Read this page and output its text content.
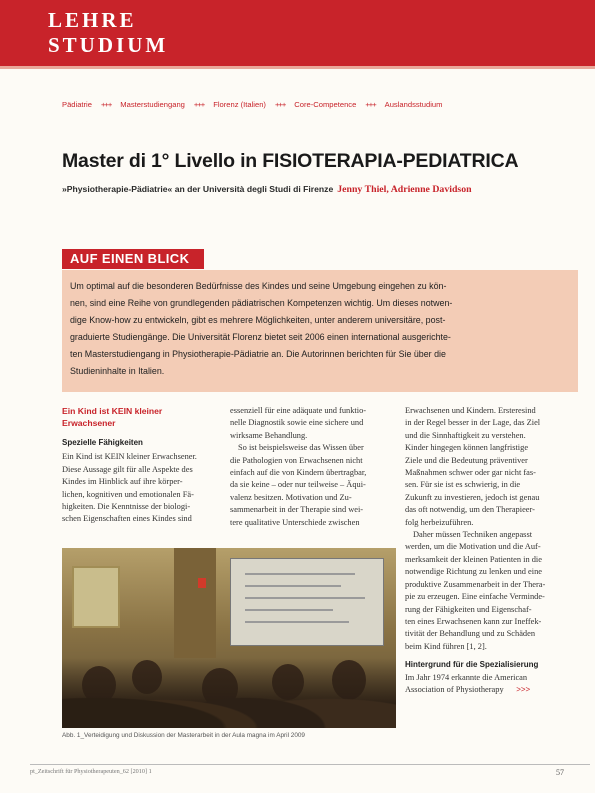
LEHRE
STUDIUM
Pädiatrie +++ Masterstudiengang +++ Florenz (Italien) +++ Core-Competence +++ Auslandsstudium
Master di 1° Livello in FISIOTERAPIA-PEDIATRICA

»Physiotherapie-Pädiatrie« an der Università degli Studi di Firenze Jenny Thiel, Adrienne Davidson

AUF EINEN BLICK

Um optimal auf die besonderen Bedürfnisse des Kindes und seine Umgebung eingehen zu kön-
nen, sind eine Reihe von grundlegenden pädiatrischen Kompetenzen wichtig. Um dieses notwen-
dige Know-how zu entwickeln, gibt es mehrere Möglichkeiten, unter anderem universitäre, post-
graduierte Studiengänge. Die Universität Florenz bietet seit 2006 einen international ausgerichte-
ten Masterstudiengang in Physiotherapie-Pädiatrie an. Die Autorinnen berichten für Sie über die
Studieninhalte in Italien.

Ein Kind ist KEIN kleiner
Erwachsener

Spezielle Fähigkeiten

Ein Kind ist KEIN kleiner Erwachsener.
Diese Aussage gilt für alle Aspekte des
Kindes im Hinblick auf ihre körper-
lichen, kognitiven und emotionalen Fä-
higkeiten. Die Kenntnisse der biologi-
schen Eigenschaften eines Kindes sind
essenziell für eine adäquate und funktio-
nelle Diagnostik sowie eine sichere und
wirksame Behandlung.
So ist beispielsweise das Wissen über
die Pathologien von Erwachsenen nicht
einfach auf die von Kindern übertragbar,
da sie keine – oder nur teilweise – Äqui-
valenz besitzen. Motivation und Zu-
sammenarbeit in der Therapie sind wei-
tere qualitative Unterschiede zwischen
Erwachsenen und Kindern. Ersteresind
in der Regel besser in der Lage, das Ziel
und die Sinnhaftigkeit zu verstehen.
Kinder hingegen können langfristige
Ziele und die Bedeutung präventiver
Maßnahmen schwer oder gar nicht fas-
sen. Für sie ist es schwierig, in die
Zukunft zu investieren, jedoch ist genau
das oft notwendig, um den Therapieer-
folg herbeizuführen.
Daher müssen Techniken angepasst
werden, um die Motivation und die Auf-
merksamkeit der kleinen Patienten in die
notwendige Richtung zu lenken und eine
produktive Zusammenarbeit in der Thera-
pie zu erzeugen. Eine einfache Verminde-
rung der Fähigkeiten und Eigenschaf-
ten eines Erwachsenen kann zur Ineffek-
tivität der Behandlung und zu Schäden
beim Kind führen [1, 2].

Hintergrund für die Spezialisierung

Im Jahr 1974 erkannte die American
Association of Physiotherapy >>>
Abb. 1_Verteidigung und Diskussion der Masterarbeit in der Aula magna im April 2009
pt_Zeitschrift für Physiotherapeuten_62 [2010] 1	57
